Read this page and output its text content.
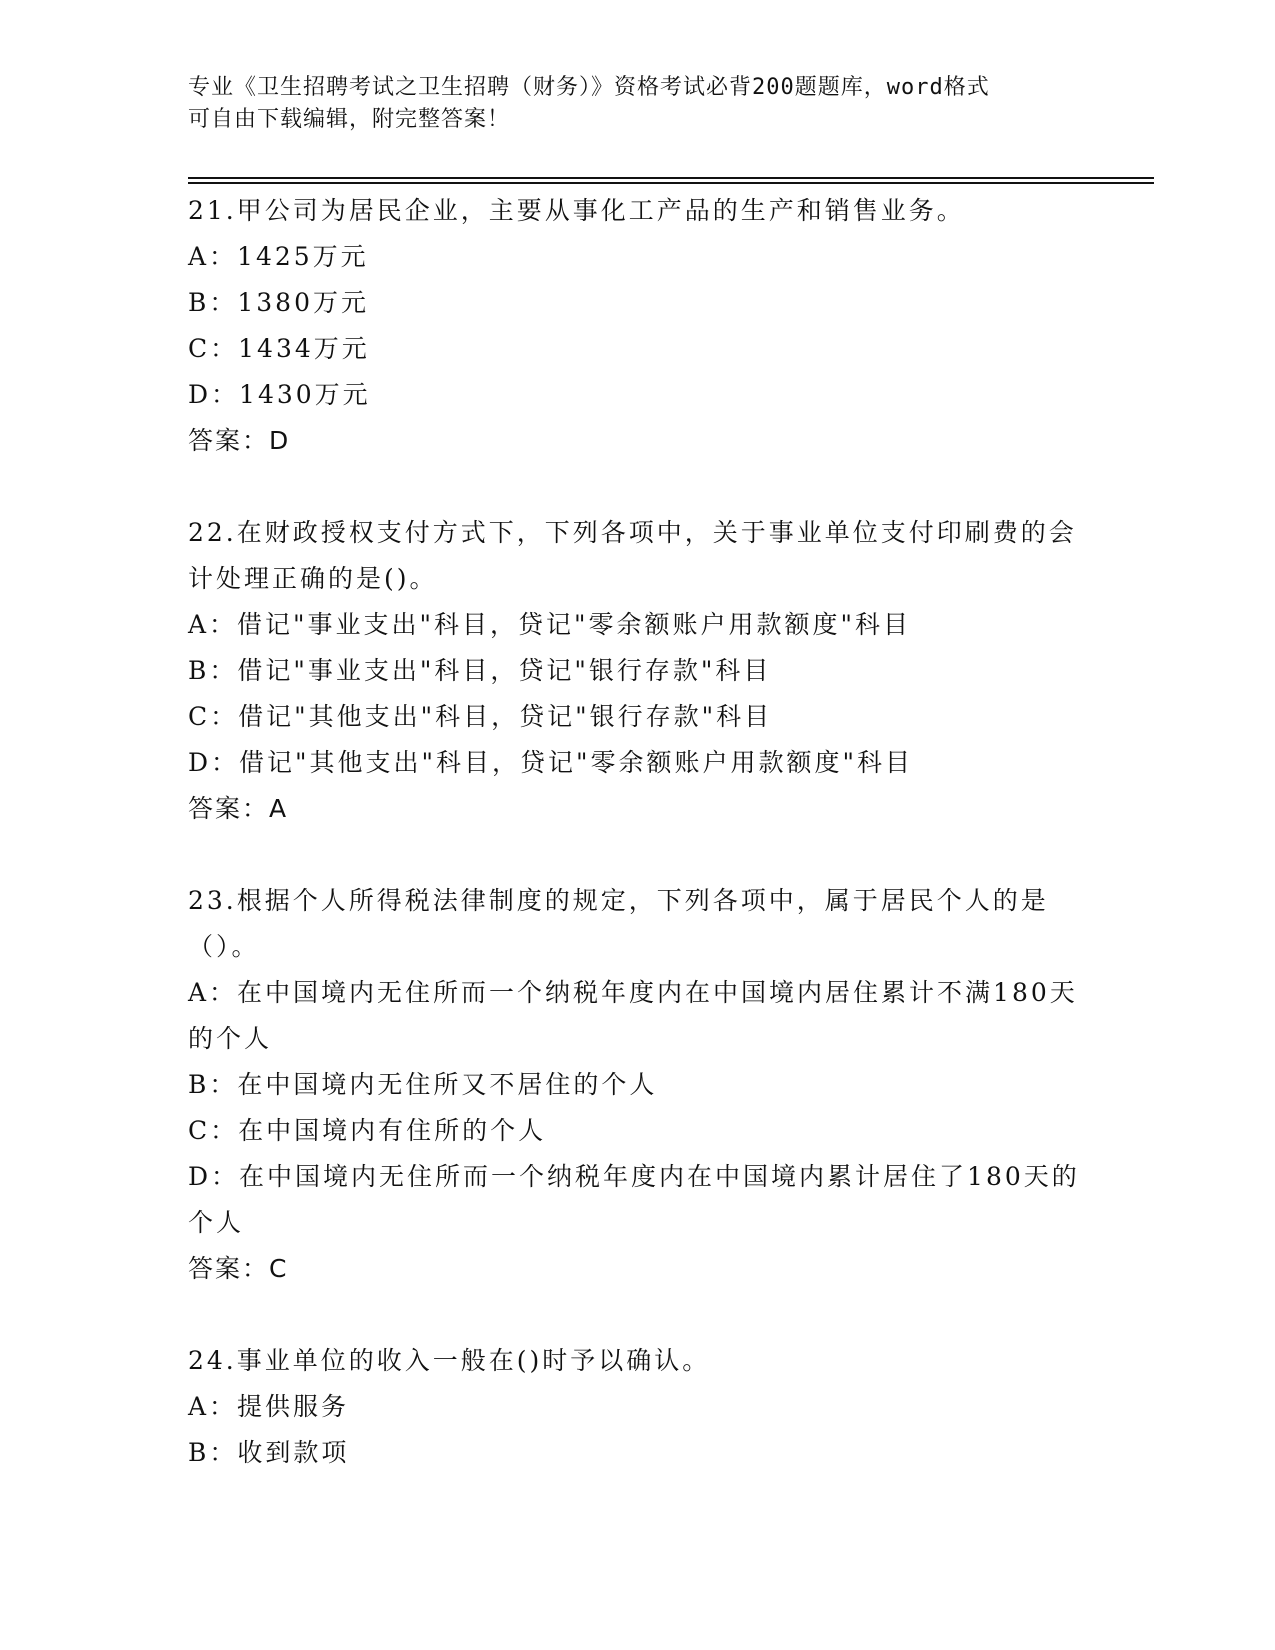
专业《卫生招聘考试之卫生招聘（财务）》资格考试必背200题题库，word格式
可自由下载编辑，附完整答案！
21.甲公司为居民企业，主要从事化工产品的生产和销售业务。
A：1425万元
B：1380万元
C：1434万元
D：1430万元
答案：D
22.在财政授权支付方式下，下列各项中，关于事业单位支付印刷费的会计处理正确的是()。
A：借记"事业支出"科目，贷记"零余额账户用款额度"科目
B：借记"事业支出"科目，贷记"银行存款"科目
C：借记"其他支出"科目，贷记"银行存款"科目
D：借记"其他支出"科目，贷记"零余额账户用款额度"科目
答案：A
23.根据个人所得税法律制度的规定，下列各项中，属于居民个人的是（）。
A：在中国境内无住所而一个纳税年度内在中国境内居住累计不满180天的个人
B：在中国境内无住所又不居住的个人
C：在中国境内有住所的个人
D：在中国境内无住所而一个纳税年度内在中国境内累计居住了180天的个人
答案：C
24.事业单位的收入一般在()时予以确认。
A：提供服务
B：收到款项
